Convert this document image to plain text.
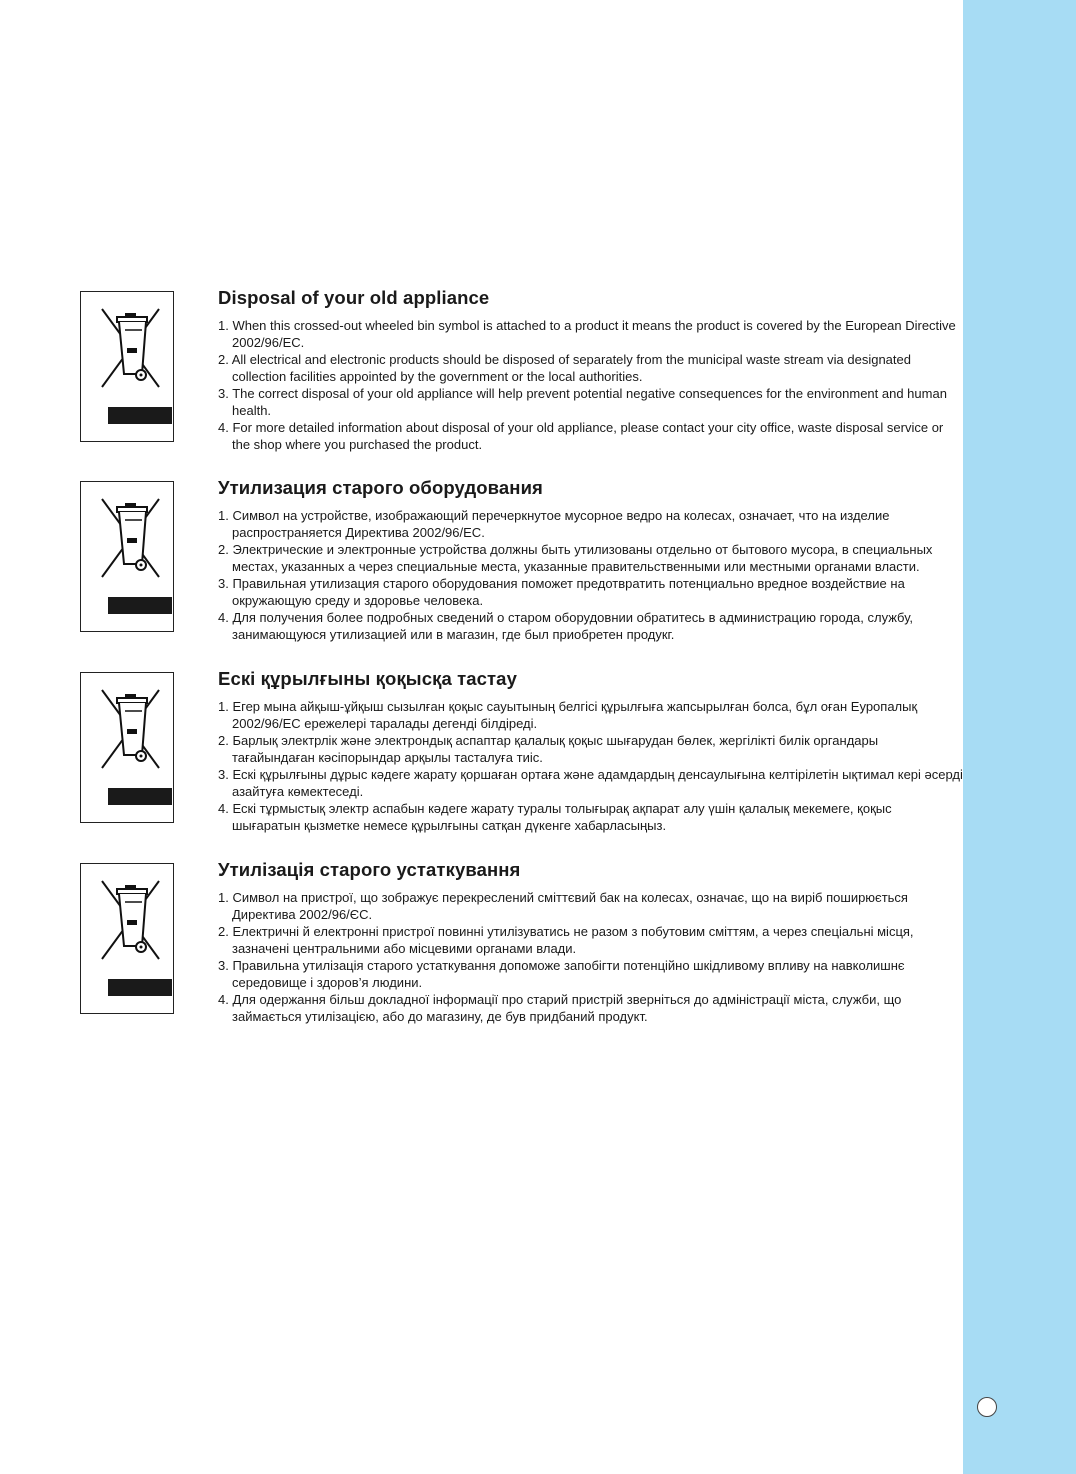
Disposal of your old appliance
1. When this crossed-out wheeled bin symbol is attached to a product it means the product is covered by the European Directive 2002/96/EC.
2. All electrical and electronic products should be disposed of separately from the municipal waste stream via designated collection facilities appointed by the government or the local authorities.
3. The correct disposal of your old appliance will help prevent potential negative consequences for the environment and human health.
4. For more detailed information about disposal of your old appliance, please contact your city office, waste disposal service or the shop where you purchased the product.
Утилизация старого оборудования
1. Символ на устройстве, изображающий перечеркнутое мусорное ведро на колесах, означает, что на изделие распространяется Директива 2002/96/EC.
2. Электрические и электронные устройства должны быть утилизованы отдельно от бытового мусора, в специальных местах, указанных а через специальные места, указанные правительственными или местными органами власти.
3. Правильная утилизация старого оборудования поможет предотвратить потенциально вредное воздействие на окружающую среду и здоровье человека.
4. Для получения более подробных сведений о старом оборудовнии обратитесь в администрацию города, службу, занимающуюся утилизацией или в магазин, где был приобретен продукг.
Ескі құрылғыны қоқысқа тастау
1. Егер мына айқыш-ұйқыш сызылған қоқыс сауытының белгісі құрылғыға жапсырылған болса, бұл оған Еуропалық 2002/96/EC ережелері таралады дегенді білдіреді.
2. Барлық электрлік және электрондық аспаптар қалалық қоқыс шығарудан бөлек, жергілікті билік органдары тағайындаған кәсіпорындар арқылы тасталуға тиіс.
3. Ескі құрылғыны дұрыс кәдеге жарату қоршаған ортаға және адамдардың денсаулығына келтірілетін ықтимал кері әсерді азайтуға көмектеседі.
4. Ескі тұрмыстық электр аспабын кәдеге жарату туралы толығырақ ақпарат алу үшін қалалық мекемеге, қоқыс шығаратын қызметке немесе құрылғыны сатқан дүкенге хабарласыңыз.
Утилізація старого устаткування
1. Символ на пристрої, що зображує перекреслений сміттєвий бак на колесах, означає, що на виріб поширюється Директива 2002/96/ЄС.
2. Електричні й електронні пристрої повинні утилізуватись не разом з побутовим сміттям, а через спеціальні місця, зазначені центральними або місцевими органами влади.
3. Правильна утилізація старого устаткування допоможе запобігти потенційно шкідливому впливу на навколишнє середовище і здоров’я людини.
4. Для одержання більш докладної інформації про старий пристрій зверніться до адміністрації міста, служби, що займається утилізацією, або до магазину, де був придбаний продукт.
